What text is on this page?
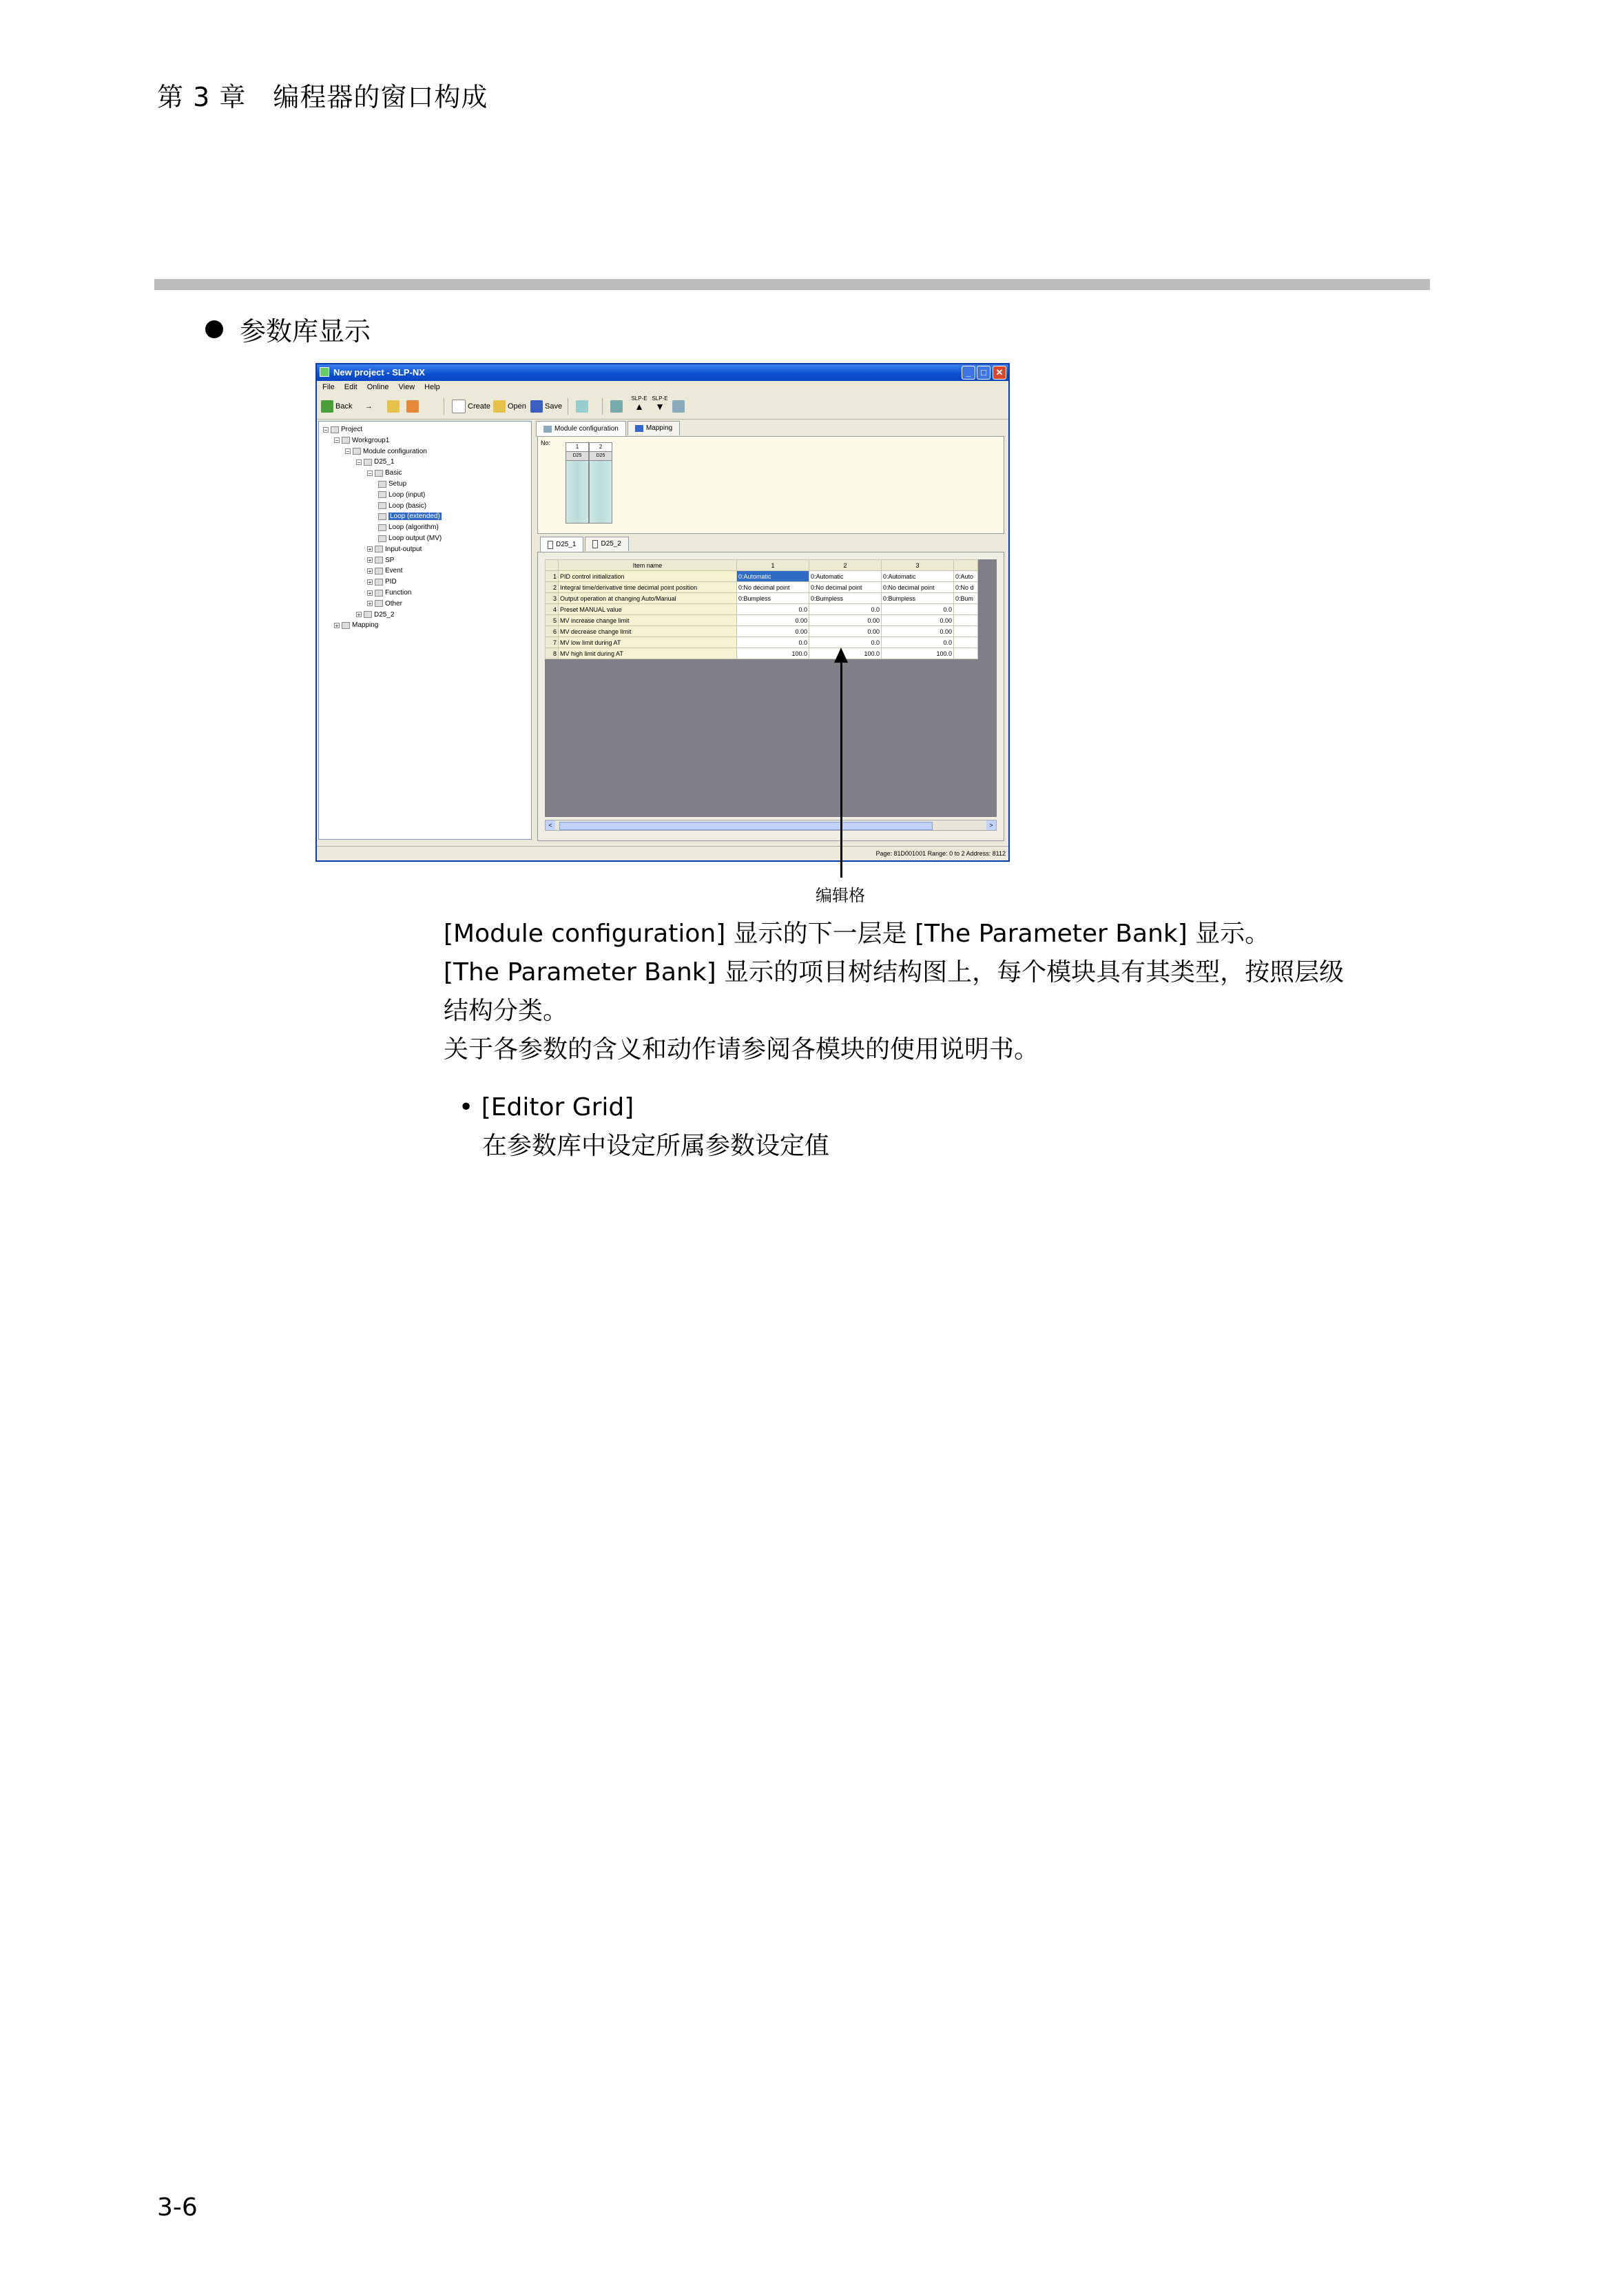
第 3 章　编程器的窗口构成
参数库显示
New project - SLP-NX	_	□	✕
File Edit Online View Help
Back →	Create	Open	Save
SLP-E
▲
SLP-E
▼
− Project
− Workgroup1
− Module configuration
− D25_1
− Basic
Setup
Loop (input)
Loop (basic)
Loop (extended)
Loop (algorithm)
Loop output (MV)
+ Input-output
+ SP
+ Event
+ PID
+ Function
+ Other
+ D25_2
+ Mapping
Module configuration	Mapping
No:
1
D25
2
D25
D25_1	D25_2
	Item name	1	2	3	
1	PID control initialization	0:Automatic	0:Automatic	0:Automatic	0:Auto
2	Integral time/derivative time decimal point position	0:No decimal point	0:No decimal point	0:No decimal point	0:No d
3	Output operation at changing Auto/Manual	0:Bumpless	0:Bumpless	0:Bumpless	0:Bum
4	Preset MANUAL value	0.0	0.0	0.0	
5	MV increase change limit	0.00	0.00	0.00	
6	MV decrease change limit	0.00	0.00	0.00	
7	MV low limit during AT	0.0	0.0	0.0	
8	MV high limit during AT	100.0	100.0	100.0	
<	>
Page: 81D001001 Range: 0 to 2 Address: 8112
编辑格
[Module configuration] 显示的下一层是 [The Parameter Bank] 显示。
[The Parameter Bank] 显示的项目树结构图上，每个模块具有其类型，按照层级
结构分类。
关于各参数的含义和动作请参阅各模块的使用说明书。
• [Editor Grid]
在参数库中设定所属参数设定值
3-6
